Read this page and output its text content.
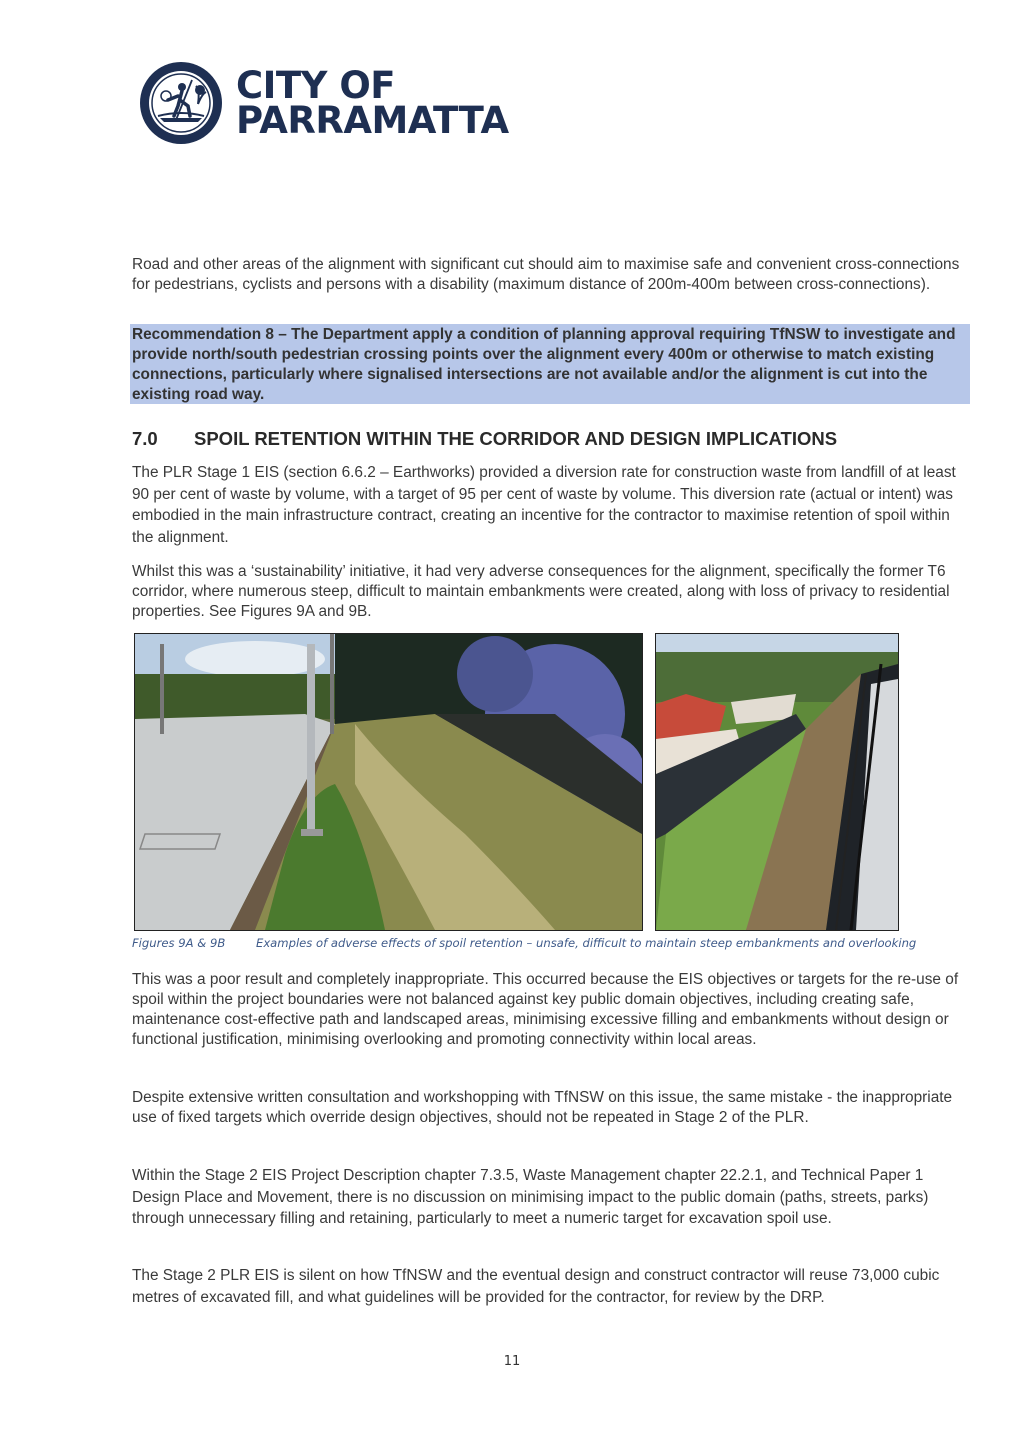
CITY OF
PARRAMATTA

Road and other areas of the alignment with significant cut should aim to maximise safe and convenient cross-connections for pedestrians, cyclists and persons with a disability (maximum distance of 200m-400m between cross-connections).

Recommendation 8 – The Department apply a condition of planning approval requiring TfNSW to investigate and provide north/south pedestrian crossing points over the alignment every 400m or otherwise to match existing connections, particularly where signalised intersections are not available and/or the alignment is cut into the existing road way.
7.0	SPOIL RETENTION WITHIN THE CORRIDOR AND DESIGN IMPLICATIONS

The PLR Stage 1 EIS (section 6.6.2 – Earthworks) provided a diversion rate for construction waste from landfill of at least 90 per cent of waste by volume, with a target of 95 per cent of waste by volume. This diversion rate (actual or intent) was embodied in the main infrastructure contract, creating an incentive for the contractor to maximise retention of spoil within the alignment.

Whilst this was a ‘sustainability’ initiative, it had very adverse consequences for the alignment, specifically the former T6 corridor, where numerous steep, difficult to maintain embankments were created, along with loss of privacy to residential properties. See Figures 9A and 9B.

Figures 9A & 9B	Examples of adverse effects of spoil retention – unsafe, difficult to maintain steep embankments and overlooking

This was a poor result and completely inappropriate. This occurred because the EIS objectives or targets for the re-use of spoil within the project boundaries were not balanced against key public domain objectives, including creating safe, maintenance cost-effective path and landscaped areas, minimising excessive filling and embankments without design or functional justification, minimising overlooking and promoting connectivity within local areas.

Despite extensive written consultation and workshopping with TfNSW on this issue, the same mistake - the inappropriate use of fixed targets which override design objectives, should not be repeated in Stage 2 of the PLR.

Within the Stage 2 EIS Project Description chapter 7.3.5, Waste Management chapter 22.2.1, and Technical Paper 1 Design Place and Movement, there is no discussion on minimising impact to the public domain (paths, streets, parks) through unnecessary filling and retaining, particularly to meet a numeric target for excavation spoil use.

The Stage 2 PLR EIS is silent on how TfNSW and the eventual design and construct contractor will reuse 73,000 cubic metres of excavated fill, and what guidelines will be provided for the contractor, for review by the DRP.

11
